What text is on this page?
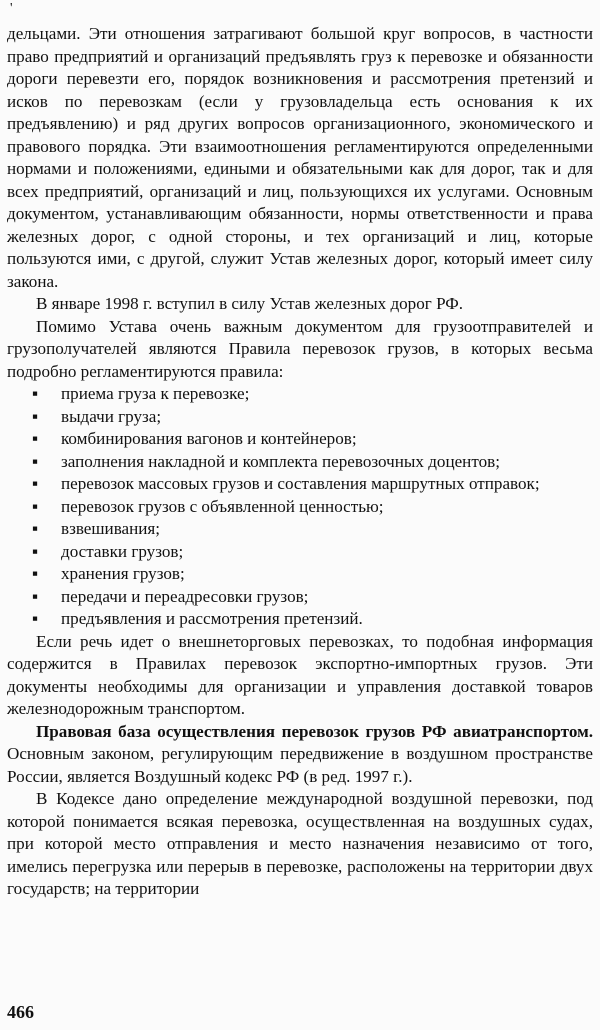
'

дельцами. Эти отношения затрагивают большой круг вопросов, в частности право предприятий и организаций предъявлять груз к перевозке и обязанности дороги перевезти его, порядок возникновения и рассмотрения претензий и исков по перевозкам (если у грузовладельца есть основания к их предъявлению) и ряд других вопросов организационного, экономического и правового порядка. Эти взаимоотношения регламентируются определенными нормами и положениями, едиными и обязательными как для дорог, так и для всех предприятий, организаций и лиц, пользующихся их услугами. Основным документом, устанавливающим обязанности, нормы ответственности и права железных дорог, с одной стороны, и тех организаций и лиц, которые пользуются ими, с другой, служит Устав железных дорог, который имеет силу закона.

В январе 1998 г. вступил в силу Устав железных дорог РФ.

Помимо Устава очень важным документом для грузоотправителей и грузополучателей являются Правила перевозок грузов, в которых весьма подробно регламентируются правила:

▪ приема груза к перевозке;
▪ выдачи груза;
▪ комбинирования вагонов и контейнеров;
▪ заполнения накладной и комплекта перевозочных доцентов;
▪ перевозок массовых грузов и составления маршрутных отправок;
▪ перевозок грузов с объявленной ценностью;
▪ взвешивания;
▪ доставки грузов;
▪ хранения грузов;
▪ передачи и переадресовки грузов;
▪ предъявления и рассмотрения претензий.

Если речь идет о внешнеторговых перевозках, то подобная информация содержится в Правилах перевозок экспортно-импортных грузов. Эти документы необходимы для организации и управления доставкой товаров железнодорожным транспортом.

Правовая база осуществления перевозок грузов РФ авиатранспортом. Основным законом, регулирующим передвижение в воздушном пространстве России, является Воздушный кодекс РФ (в ред. 1997 г.).

В Кодексе дано определение международной воздушной перевозки, под которой понимается всякая перевозка, осуществленная на воздушных судах, при которой место отправления и место назначения независимо от того, имелись перегрузка или перерыв в перевозке, расположены на территории двух государств; на территории

466
